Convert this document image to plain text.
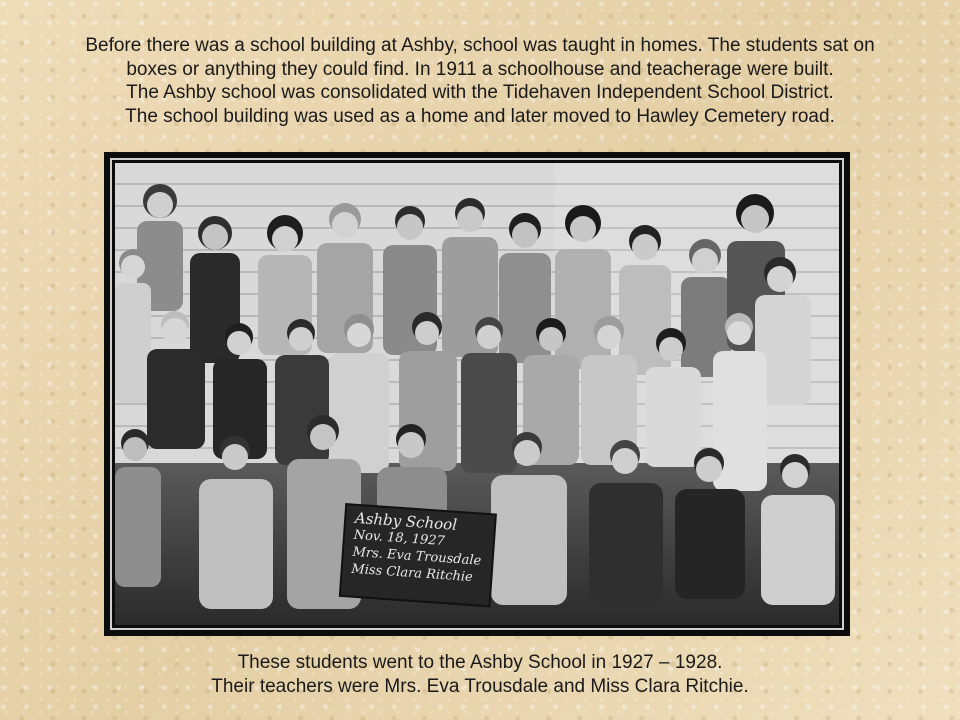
Before there was a school building at Ashby, school was taught in homes. The students sat on
boxes or anything they could find. In 1911 a schoolhouse and teacherage were built.
The Ashby school was consolidated with the Tidehaven Independent School District.
The school building was used as a home and later moved to Hawley Cemetery road.
Ashby School
Nov. 18, 1927
Mrs. Eva Trousdale
Miss Clara Ritchie
These students went to the Ashby School in 1927 – 1928.
Their teachers were Mrs. Eva Trousdale and Miss Clara Ritchie.
